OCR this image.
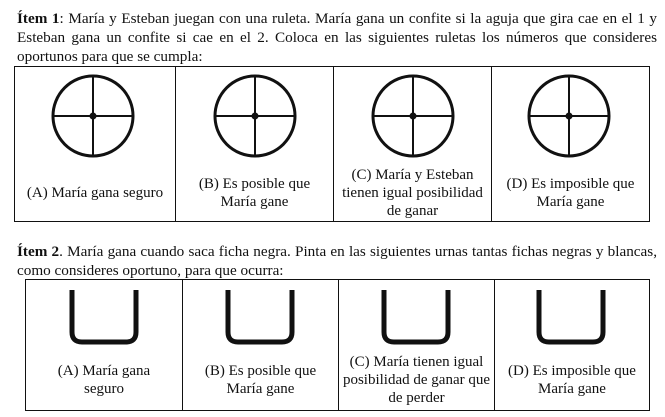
Ítem 1: María y Esteban juegan con una ruleta. María gana un confite si la aguja que gira cae en el 1 y Esteban gana un confite si cae en el 2. Coloca en las siguientes ruletas los números que consideres oportunos para que se cumpla:
(A) María gana seguro
(B) Es posible que María gane
(C) María y Esteban tienen igual posibilidad de ganar
(D) Es imposible que María gane
Ítem 2. María gana cuando saca ficha negra. Pinta en las siguientes urnas tantas fichas negras y blancas, como consideres oportuno, para que ocurra:
(A) María gana seguro
(B) Es posible que María gane
(C) María tienen igual posibilidad de ganar que de perder
(D) Es imposible que María gane
